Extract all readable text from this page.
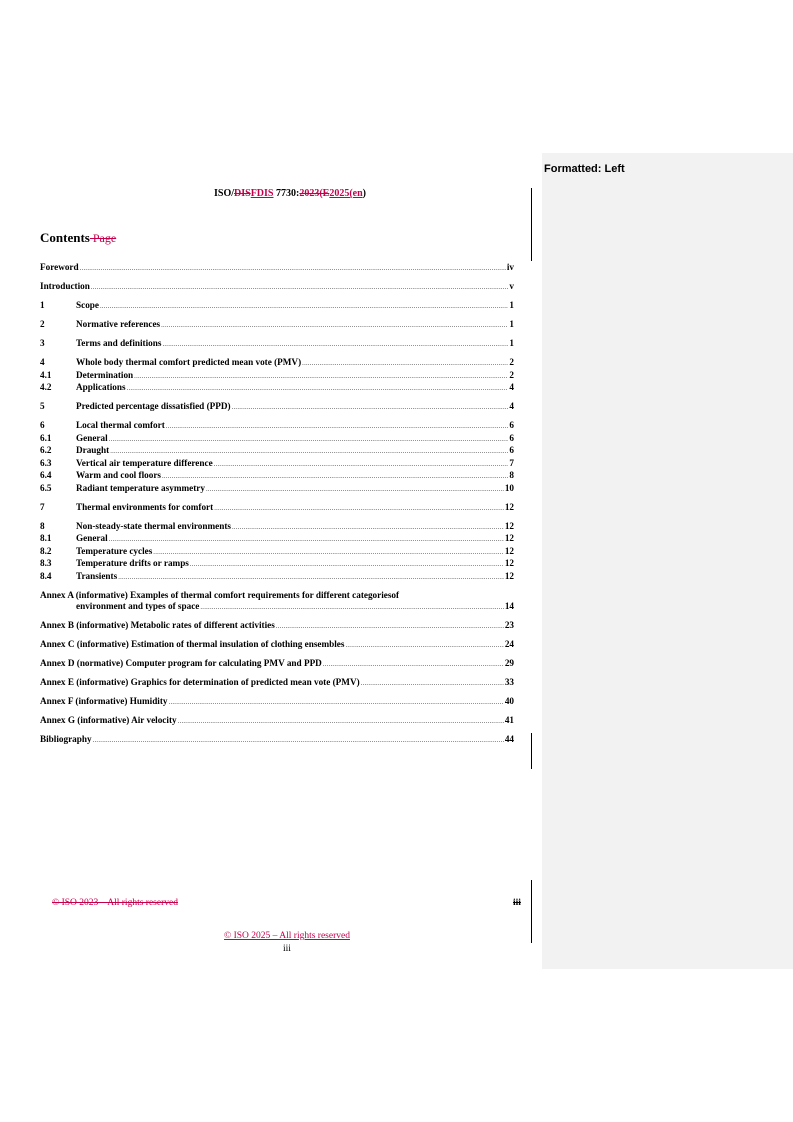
Formatted: Left
ISO/DISFDIS 7730:2023(E2025(en)
Contents Page
Foreword .....	iv
Introduction .....	v
1	Scope .....	1
2	Normative references .....	1
3	Terms and definitions .....	1
4	Whole body thermal comfort predicted mean vote (PMV) .....	2
4.1	Determination .....	2
4.2	Applications .....	4
5	Predicted percentage dissatisfied (PPD) .....	4
6	Local thermal comfort .....	6
6.1	General .....	6
6.2	Draught .....	6
6.3	Vertical air temperature difference .....	7
6.4	Warm and cool floors .....	8
6.5	Radiant temperature asymmetry .....	10
7	Thermal environments for comfort .....	12
8	Non-steady-state thermal environments .....	12
8.1	General .....	12
8.2	Temperature cycles .....	12
8.3	Temperature drifts or ramps .....	12
8.4	Transients .....	12
Annex A (informative) Examples of thermal comfort requirements for different categoriesof
environment and types of space .....	14
Annex B (informative) Metabolic rates of different activities .....	23
Annex C (informative) Estimation of thermal insulation of clothing ensembles .....	24
Annex D (normative) Computer program for calculating PMV and PPD .....	29
Annex E (informative) Graphics for determination of predicted mean vote (PMV) .....	33
Annex F (informative) Humidity .....	40
Annex G (informative) Air velocity .....	41
Bibliography .....	44
© ISO 2023 – All rights reserved	iii
© ISO 2025 – All rights reserved
iii
